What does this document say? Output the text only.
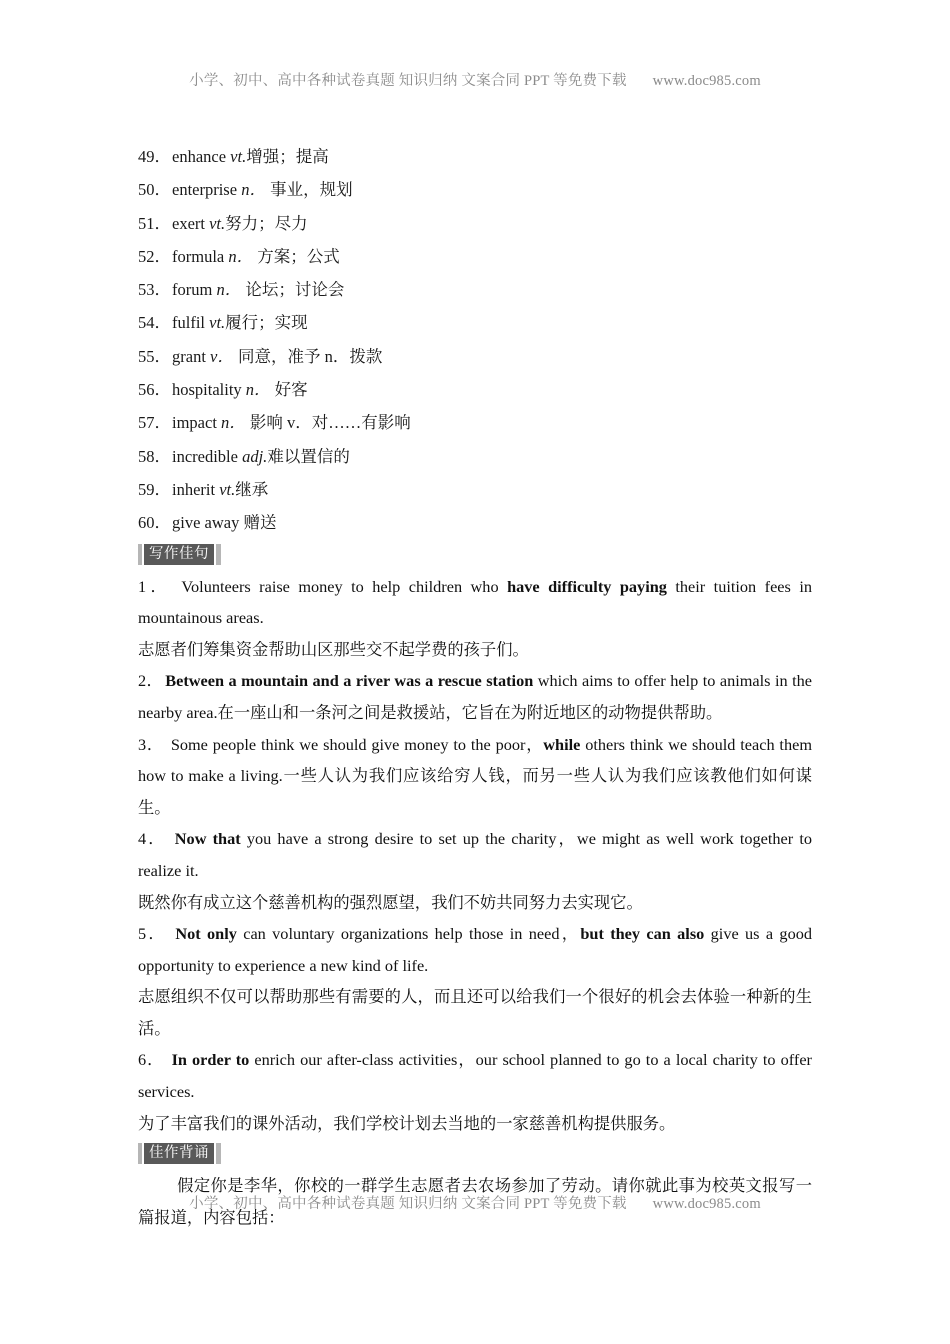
小学、初中、高中各种试卷真题 知识归纳 文案合同 PPT 等免费下载 www.doc985.com
49．enhance vt.增强；提高
50．enterprise n． 事业，规划
51．exert vt.努力；尽力
52．formula n． 方案；公式
53．forum n． 论坛；讨论会
54．fulfil vt.履行；实现
55．grant v． 同意，准予 n．拨款
56．hospitality n． 好客
57．impact n． 影响 v．对……有影响
58．incredible adj.难以置信的
59．inherit vt.继承
60．give away 赠送
写作佳句

1． Volunteers raise money to help children who have difficulty paying their tuition fees in mountainous areas.

志愿者们筹集资金帮助山区那些交不起学费的孩子们。

2． Between a mountain and a river was a rescue station which aims to offer help to animals in the nearby area.在一座山和一条河之间是救援站，它旨在为附近地区的动物提供帮助。

3． Some people think we should give money to the poor，while others think we should teach them how to make a living.一些人认为我们应该给穷人钱，而另一些人认为我们应该教他们如何谋生。

4． Now that you have a strong desire to set up the charity，we might as well work together to realize it.

既然你有成立这个慈善机构的强烈愿望，我们不妨共同努力去实现它。

5． Not only can voluntary organizations help those in need，but they can also give us a good opportunity to experience a new kind of life.

志愿组织不仅可以帮助那些有需要的人，而且还可以给我们一个很好的机会去体验一种新的生活。

6． In order to enrich our after-class activities，our school planned to go to a local charity to offer services.

为了丰富我们的课外活动，我们学校计划去当地的一家慈善机构提供服务。

佳作背诵

假定你是李华，你校的一群学生志愿者去农场参加了劳动。请你就此事为校英文报写一篇报道，内容包括：

小学、初中、高中各种试卷真题 知识归纳 文案合同 PPT 等免费下载 www.doc985.com
